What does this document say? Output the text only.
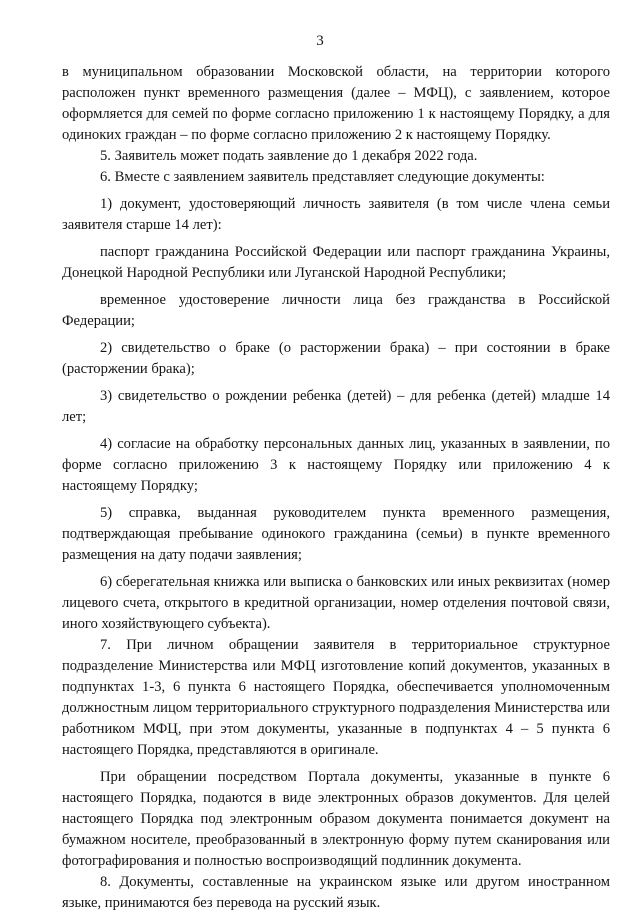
3

в муниципальном образовании Московской области, на территории которого расположен пункт временного размещения (далее – МФЦ), с заявлением, которое оформляется для семей по форме согласно приложению 1 к настоящему Порядку, а для одиноких граждан – по форме согласно приложению 2 к настоящему Порядку.

5. Заявитель может подать заявление до 1 декабря 2022 года.

6. Вместе с заявлением заявитель представляет следующие документы:

1) документ, удостоверяющий личность заявителя (в том числе члена семьи заявителя старше 14 лет):

паспорт гражданина Российской Федерации или паспорт гражданина Украины, Донецкой Народной Республики или Луганской Народной Республики;

временное удостоверение личности лица без гражданства в Российской Федерации;

2) свидетельство о браке (о расторжении брака) – при состоянии в браке (расторжении брака);

3) свидетельство о рождении ребенка (детей) – для ребенка (детей) младше 14 лет;

4) согласие на обработку персональных данных лиц, указанных в заявлении, по форме согласно приложению 3 к настоящему Порядку или приложению 4 к настоящему Порядку;

5) справка, выданная руководителем пункта временного размещения, подтверждающая пребывание одинокого гражданина (семьи) в пункте временного размещения на дату подачи заявления;

6) сберегательная книжка или выписка о банковских или иных реквизитах (номер лицевого счета, открытого в кредитной организации, номер отделения почтовой связи, иного хозяйствующего субъекта).

7. При личном обращении заявителя в территориальное структурное подразделение Министерства или МФЦ изготовление копий документов, указанных в подпунктах 1-3, 6 пункта 6 настоящего Порядка, обеспечивается уполномоченным должностным лицом территориального структурного подразделения Министерства или работником МФЦ, при этом документы, указанные в подпунктах 4 – 5 пункта 6 настоящего Порядка, представляются в оригинале.

При обращении посредством Портала документы, указанные в пункте 6 настоящего Порядка, подаются в виде электронных образов документов. Для целей настоящего Порядка под электронным образом документа понимается документ на бумажном носителе, преобразованный в электронную форму путем сканирования или фотографирования и полностью воспроизводящий подлинник документа.

8. Документы, составленные на украинском языке или другом иностранном языке, принимаются без перевода на русский язык.
